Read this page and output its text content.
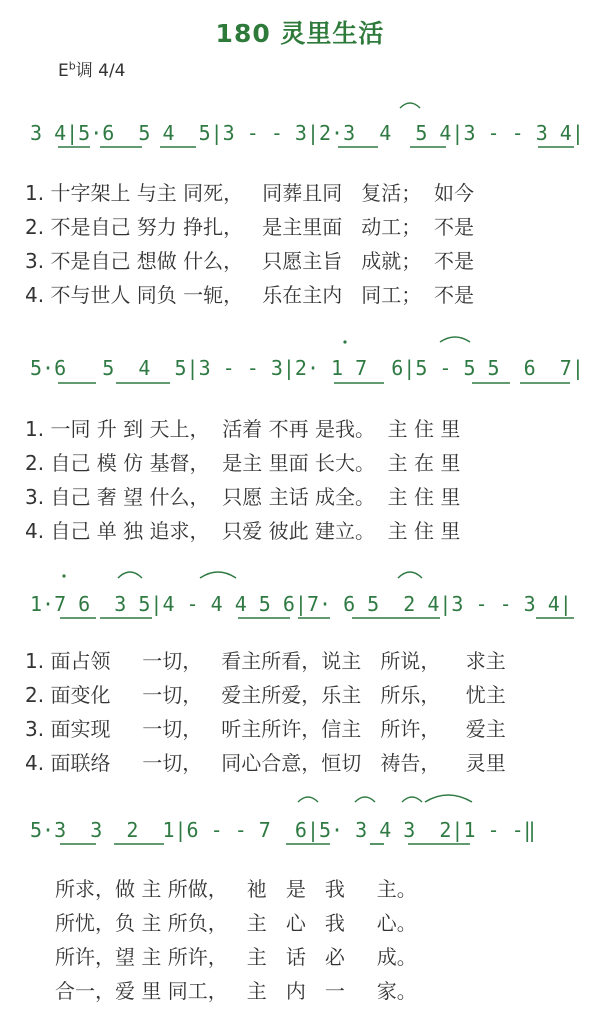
180 灵里生活
$E^b$调 4/4

3 4|5·6  5 4  5|3 - - 3|2·3  4  5 4|3 - - 3 4|

1. 十字架上 与主 同死，   同葬且同   复活；  如今
2. 不是自己 努力 挣扎，   是主里面   动工；  不是
3. 不是自己 想做 什么，   只愿主旨   成就；  不是
4. 不与世人 同负 一轭，   乐在主内   同工；  不是

5·6   5  4  5|3 - - 3|2· 1 7  6|5 - 5 5  6  7|

1. 一同 升 到 天上，  活着 不再 是我。  主 住 里
2. 自己 模 仿 基督，  是主 里面 长大。  主 在 里
3. 自己 奢 望 什么，  只愿 主话 成全。  主 住 里
4. 自己 单 独 追求，  只爱 彼此 建立。  主 住 里

1·7 6  3 5|4 - 4 4 5 6|7· 6 5  2 4|3 - - 3 4|

1. 面占领     一切，   看主所看，说主   所说，    求主
2. 面变化     一切，   爱主所爱，乐主   所乐，    忧主
3. 面实现     一切，   听主所许，信主   所许，    爱主
4. 面联络     一切，   同心合意，恒切   祷告，    灵里

5·3  3  2  1|6 - - 7  6|5· 3 4 3  2|1 - -‖

所求，做 主 所做，   祂   是   我     主。
所忧，负 主 所负，   主   心   我     心。
所许，望 主 所许，   主   话   必     成。
合一，爱 里 同工，   主   内   一     家。
